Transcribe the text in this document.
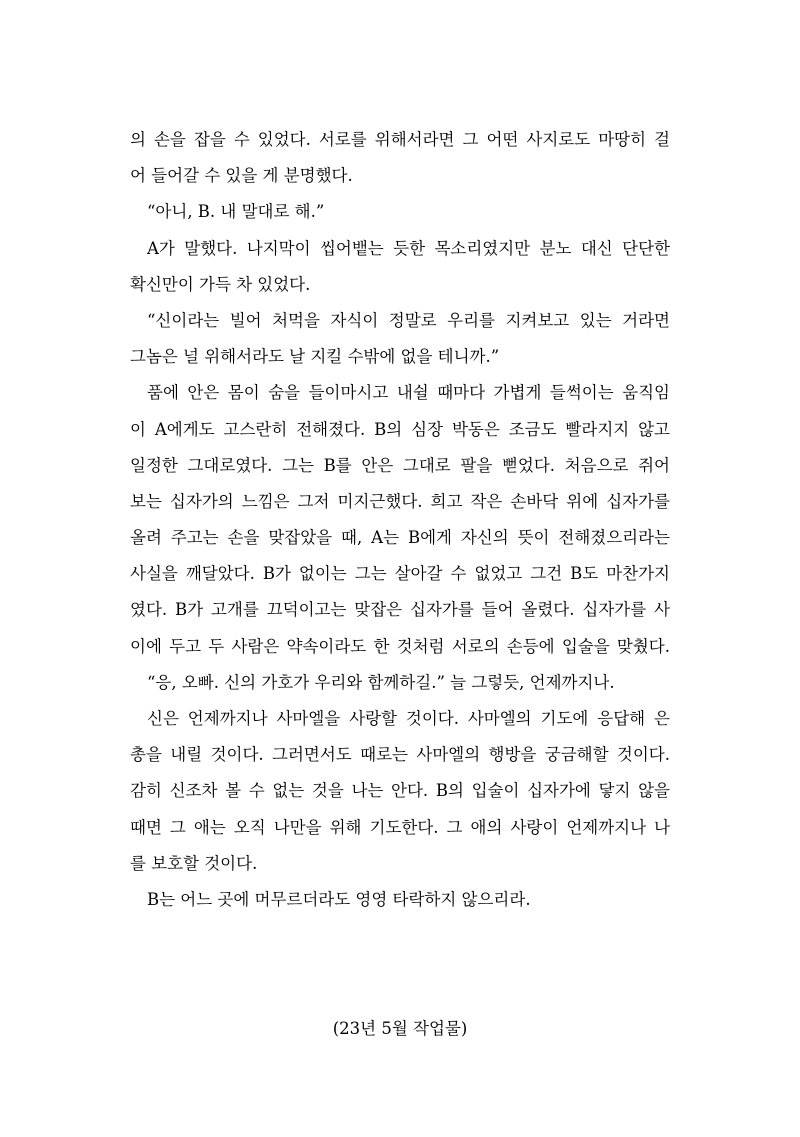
의 손을 잡을 수 있었다. 서로를 위해서라면 그 어떤 사지로도 마땅히 걸
어 들어갈 수 있을 게 분명했다.
“아니, B. 내 말대로 해.”
A가 말했다. 나지막이 씹어뱉는 듯한 목소리였지만 분노 대신 단단한
확신만이 가득 차 있었다.
“신이라는 빌어 처먹을 자식이 정말로 우리를 지켜보고 있는 거라면
그놈은 널 위해서라도 날 지킬 수밖에 없을 테니까.”
품에 안은 몸이 숨을 들이마시고 내쉴 때마다 가볍게 들썩이는 움직임
이 A에게도 고스란히 전해졌다. B의 심장 박동은 조금도 빨라지지 않고
일정한 그대로였다. 그는 B를 안은 그대로 팔을 뻗었다. 처음으로 쥐어
보는 십자가의 느낌은 그저 미지근했다. 희고 작은 손바닥 위에 십자가를
올려 주고는 손을 맞잡았을 때, A는 B에게 자신의 뜻이 전해졌으리라는
사실을 깨달았다. B가 없이는 그는 살아갈 수 없었고 그건 B도 마찬가지
였다. B가 고개를 끄덕이고는 맞잡은 십자가를 들어 올렸다. 십자가를 사
이에 두고 두 사람은 약속이라도 한 것처럼 서로의 손등에 입술을 맞췄다.
“응, 오빠. 신의 가호가 우리와 함께하길.” 늘 그렇듯, 언제까지나.
신은 언제까지나 사마엘을 사랑할 것이다. 사마엘의 기도에 응답해 은
총을 내릴 것이다. 그러면서도 때로는 사마엘의 행방을 궁금해할 것이다.
감히 신조차 볼 수 없는 것을 나는 안다. B의 입술이 십자가에 닿지 않을
때면 그 애는 오직 나만을 위해 기도한다. 그 애의 사랑이 언제까지나 나
를 보호할 것이다.
B는 어느 곳에 머무르더라도 영영 타락하지 않으리라.
(23년 5월 작업물)
